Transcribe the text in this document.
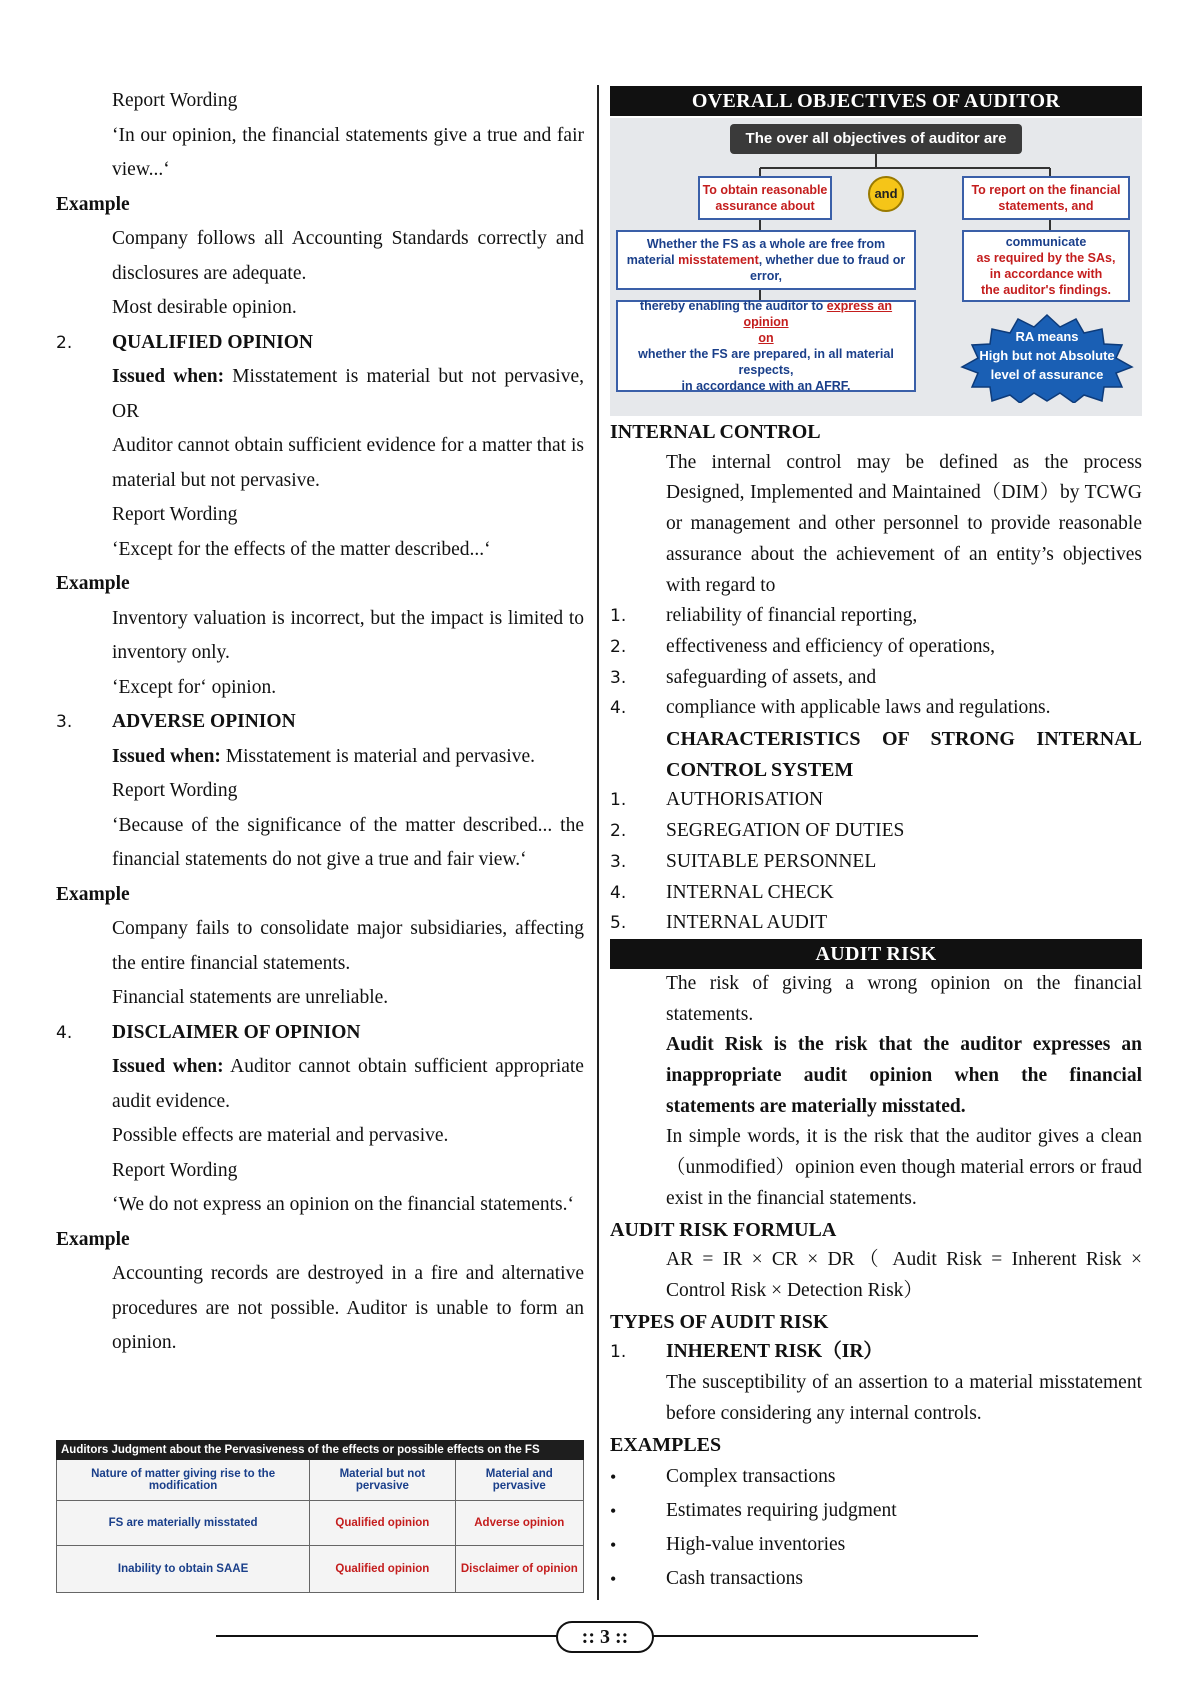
Report Wording
‘In our opinion, the financial statements give a true and fair view...‘
Example
Company follows all Accounting Standards correctly and disclosures are adequate.
Most desirable opinion.
2.	QUALIFIED OPINION
Issued when: Misstatement is material but not pervasive, OR
Auditor cannot obtain sufficient evidence for a matter that is material but not pervasive.
Report Wording
‘Except for the effects of the matter described...‘
Example
Inventory valuation is incorrect, but the impact is limited to inventory only.
‘Except for‘ opinion.
3.	ADVERSE OPINION
Issued when: Misstatement is material and pervasive.
Report Wording
‘Because of the significance of the matter described... the financial statements do not give a true and fair view.‘
Example
Company fails to consolidate major subsidiaries, affecting the entire financial statements.
Financial statements are unreliable.
4.	DISCLAIMER OF OPINION
Issued when: Auditor cannot obtain sufficient appropriate audit evidence.
Possible effects are material and pervasive.
Report Wording
‘We do not express an opinion on the financial statements.‘
Example
Accounting records are destroyed in a fire and alternative procedures are not possible. Auditor is unable to form an opinion.
Auditors Judgment about the Pervasiveness of the effects or possible effects on the FS		
Nature of matter giving rise to the modification	Material but not pervasive	Material and pervasive
FS are materially misstated	Qualified opinion	Adverse opinion
Inability to obtain SAAE	Qualified opinion	Disclaimer of opinion
OVERALL OBJECTIVES OF AUDITOR
The over all objectives of auditor are
To obtain reasonable assurance about
and	To report on the financial statements, and
Whether the FS as a whole are free from material misstatement, whether due to fraud or error,
communicate
as required by the SAs,
in accordance with
the auditor's findings.
thereby enabling the auditor to express an opinion
on
whether the FS are prepared, in all material respects,
in accordance with an AFRF.
RA means
High but not Absolute
level of assurance
INTERNAL CONTROL
The internal control may be defined as the process Designed, Implemented and Maintained（DIM）by TCWG or management and other personnel to provide reasonable assurance about the achievement of an entity’s objectives with regard to
1.	reliability of financial reporting,
2.	effectiveness and efficiency of operations,
3.	safeguarding of assets, and
4.	compliance with applicable laws and regulations.
CHARACTERISTICS OF STRONG INTERNAL CONTROL SYSTEM
1.	AUTHORISATION
2.	SEGREGATION OF DUTIES
3.	SUITABLE PERSONNEL
4.	INTERNAL CHECK
5.	INTERNAL AUDIT
AUDIT RISK
The risk of giving a wrong opinion on the financial statements.
Audit Risk is the risk that the auditor expresses an inappropriate audit opinion when the financial statements are materially misstated.
In simple words, it is the risk that the auditor gives a clean（unmodified）opinion even though material errors or fraud exist in the financial statements.
AUDIT RISK FORMULA
AR = IR × CR × DR（ Audit Risk = Inherent Risk × Control Risk × Detection Risk）
TYPES OF AUDIT RISK
1.	INHERENT RISK（IR）
The susceptibility of an assertion to a material misstatement before considering any internal controls.
EXAMPLES
•	Complex transactions
•	Estimates requiring judgment
•	High-value inventories
•	Cash transactions
:: 3 ::
